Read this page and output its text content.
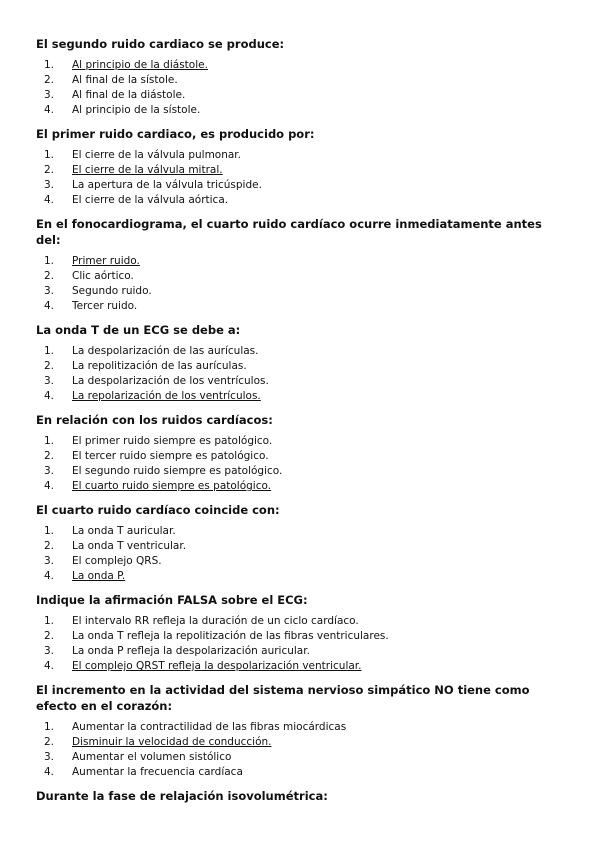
El segundo ruido cardiaco se produce:

1. Al principio de la diástole.
2. Al final de la sístole.
3. Al final de la diástole.
4. Al principio de la sístole.

El primer ruido cardiaco, es producido por:

1. El cierre de la válvula pulmonar.
2. El cierre de la válvula mitral.
3. La apertura de la válvula tricúspide.
4. El cierre de la válvula aórtica.

En el fonocardiograma, el cuarto ruido cardíaco ocurre inmediatamente antes del:

1. Primer ruido.
2. Clic aórtico.
3. Segundo ruido.
4. Tercer ruido.

La onda T de un ECG se debe a:

1. La despolarización de las aurículas.
2. La repolitización de las aurículas.
3. La despolarización de los ventrículos.
4. La repolarización de los ventrículos.

En relación con los ruidos cardíacos:

1. El primer ruido siempre es patológico.
2. El tercer ruido siempre es patológico.
3. El segundo ruido siempre es patológico.
4. El cuarto ruido siempre es patológico.

El cuarto ruido cardíaco coincide con:

1. La onda T auricular.
2. La onda T ventricular.
3. El complejo QRS.
4. La onda P.

Indique la afirmación FALSA sobre el ECG:

1. El intervalo RR refleja la duración de un ciclo cardíaco.
2. La onda T refleja la repolitización de las fibras ventriculares.
3. La onda P refleja la despolarización auricular.
4. El complejo QRST refleja la despolarización ventricular.

El incremento en la actividad del sistema nervioso simpático NO tiene como efecto en el corazón:

1. Aumentar la contractilidad de las fibras miocárdicas
2. Disminuir la velocidad de conducción.
3. Aumentar el volumen sistólico
4. Aumentar la frecuencia cardíaca

Durante la fase de relajación isovolumétrica:
